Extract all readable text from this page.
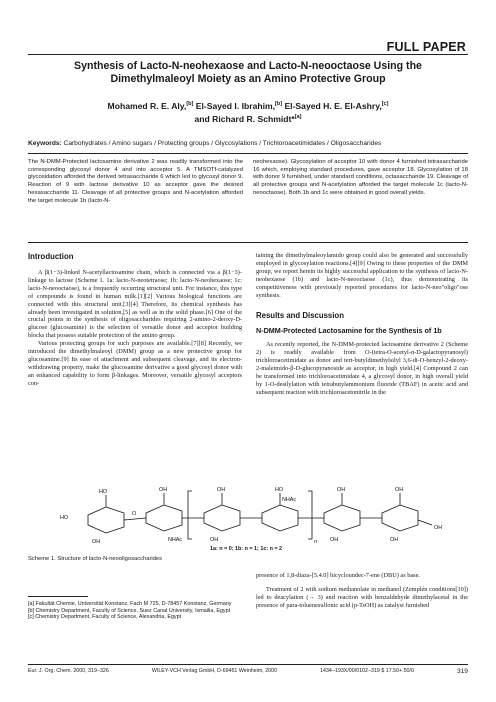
FULL PAPER
Synthesis of Lacto-N-neohexaose and Lacto-N-neooctaose Using the Dimethylmaleoyl Moiety as an Amino Protective Group
Mohamed R. E. Aly,[b] El-Sayed I. Ibrahim,[b] El-Sayed H. E. El-Ashry,[c]
and Richard R. Schmidt*[a]
Keywords: Carbohydrates / Amino sugars / Protecting groups / Glycosylations / Trichloroacetimidates / Oligosaccharides
The N-DMM-Protected lactosamine derivative 2 was readily transformed into the corresponding glycosyl donor 4 and into acceptor 5. A TMSOTf-catalyzed glycosidation afforded the derived tetrasaccharide 6 which led to glycosyl donor 9. Reaction of 9 with lactose derivative 10 as acceptor gave the desired hexasaccharide 11. Cleavage of all protective groups and N-acetylation afforded the target molecule 1b (lacto-N-
neohexaose). Glycosylation of acceptor 10 with donor 4 furnished tetrasaccharide 16 which, employing standard procedures, gave acceptor 18. Glycosylation of 18 with donor 9 furnished, under standard conditions, octasaccharide 19. Cleavage of all protective groups and N-acetylation afforded the target molecule 1c (lacto-N-neooctaose). Both 1b and 1c were obtained in good overall yields.
Introduction

A β(1−3)-linked N-acetyllactosamine chain, which is connected via a β(1−3)-linkage to lactose (Scheme 1. 1a: lacto-N-neotetraose; 1b: lacto-N-neohexaose; 1c: lacto-N-neooctaose), is a frequently occurring structural unit. For instance, this type of compounds is found in human milk.[1][2] Various biological functions are connected with this structural unit.[3][4] Therefore, its chemical synthesis has already been investigated in solution,[5] as well as in the solid phase.[6] One of the crucial points in the synthesis of oligosaccharides requiring 2-amino-2-deoxy-D-glucose (glucosamine) is the selection of versatile donor and acceptor building blocks that possess suitable protection of the amino group.

Various protecting groups for such purposes are available.[7][8] Recently, we introduced the dimethylmaleoyl (DMM) group as a new protective group for glucosamine.[9] Its ease of attachment and subsequent cleavage, and its electron-withdrawing property, make the glucosamine derivative a good glycosyl donor with an enhanced capability to form β-linkages. Moreover, versatile glycosyl acceptors con-

taining the dimethylmaleoylamido group could also be generated and successfully employed in glycosylation reactions.[4][9] Owing to these properties of the DMM group, we report herein its highly successful application to the synthesis of lacto-N-neohexaose (1b) and lacto-N-neooctaose (1c), thus demonstrating its competitiveness with previously reported procedures for lacto-N-neo"oligo"ose synthesis.

Results and Discussion
N-DMM-Protected Lactosamine for the Synthesis of 1b

As recently reported, the N-DMM-protected lactosamine derivative 2 (Scheme 2) is readily available from O-(tetra-O-acetyl-α-D-galactopyranosyl) trichloroacetimidate as donor and tert-butyldimethylsilyl 3,6-di-O-benzyl-2-deoxy-2-maleimido-β-D-glucopyranoside as acceptor, in high yield.[4] Compound 2 can be transformed into trichloroacetimidate 4, a glycosyl donor, in high overall yield by 1-O-desilylation with tetrabutylammonium fluoride (TBAF) in acetic acid and subsequent reaction with trichloroacetonitrile in the

HO
HO
OH
O
OH
NHAc
OH
OH
HO
NHAc
n
OH
OH
OH
OH
OH
1a: n = 0; 1b: n = 1; 1c: n = 2
Scheme 1. Structure of lacto-N-neooligosaccharides
[a] Fakultät Chemie, Universität Konstanz, Fach M 725, D-78457 Konstanz, Germany
[b] Chemistry Department, Faculty of Science, Suez Canal University, Ismailia, Egypt
[c] Chemistry Department, Faculty of Science, Alexandria, Egypt

presence of 1,8-diaza-[5.4.0] bicycloundec-7-ene (DBU) as base.

Treatment of 2 with sodium methanolate in methanol (Zemplén conditions[10]) led to deacylation (→ 3) and reaction with benzaldehyde dimethylacetal in the presence of para-toluenesulfonic acid (p-TsOH) as catalyst furnished

Eur. J. Org. Chem. 2000, 319−326	WILEY-VCH Verlag GmbH, D-69451 Weinheim, 2000	1434−193X/00/0102−319 $ 17.50+.50/0	319
